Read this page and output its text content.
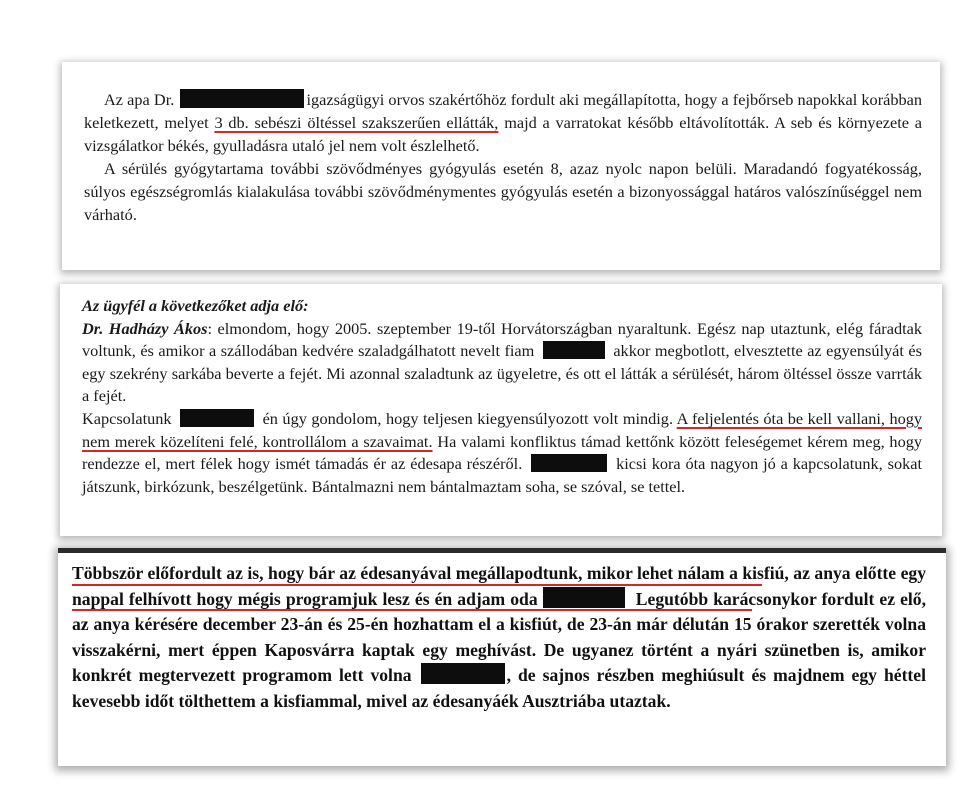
Az apa Dr.	igazságügyi orvos szakértőhöz fordult aki megállapította, hogy a fejbőrseb napokkal korábban keletkezett, melyet 3 db. sebészi öltéssel szakszerűen ellátták, majd a varratokat később eltávolították. A seb és környezete a vizsgálatkor békés, gyulladásra utaló jel nem volt észlelhető.

A sérülés gyógytartama további szövődményes gyógyulás esetén 8, azaz nyolc napon belüli. Maradandó fogyatékosság, súlyos egészségromlás kialakulása további szövődménymentes gyógyulás esetén a bizonyossággal határos valószínűséggel nem várható.

Az ügyfél a következőket adja elő:

Dr. Hadházy Ákos: elmondom, hogy 2005. szeptember 19-től Horvátországban nyaraltunk. Egész nap utaztunk, elég fáradtak voltunk, és amikor a szállodában kedvére szaladgálhatott nevelt fiam	akkor megbotlott, elvesztette az egyensúlyát és egy szekrény sarkába beverte a fejét. Mi azonnal szaladtunk az ügyeletre, és ott el látták a sérülését, három öltéssel össze varrták a fejét.

Kapcsolatunk	én úgy gondolom, hogy teljesen kiegyensúlyozott volt mindig. A feljelentés óta be kell vallani, hogy nem merek közelíteni felé, kontrollálom a szavaimat. Ha valami konfliktus támad kettőnk között feleségemet kérem meg, hogy rendezze el, mert félek hogy ismét támadás ér az édesapa részéről.	kicsi kora óta nagyon jó a kapcsolatunk, sokat játszunk, birkózunk, beszélgetünk. Bántalmazni nem bántalmaztam soha, se szóval, se tettel.

Többször előfordult az is, hogy bár az édesanyával megállapodtunk, mikor lehet nálam a kisfiú, az anya előtte egy nappal felhívott hogy mégis programjuk lesz és én adjam oda	Legutóbb karácsonykor fordult ez elő, az anya kérésére december 23-án és 25-én hozhattam el a kisfiút, de 23-án már délután 15 órakor szerették volna visszakérni, mert éppen Kaposvárra kaptak egy meghívást. De ugyanez történt a nyári szünetben is, amikor konkrét megtervezett programom lett volna	, de sajnos részben meghiúsult és majdnem egy héttel kevesebb időt tölthettem a kisfiammal, mivel az édesanyáék Ausztriába utaztak.
